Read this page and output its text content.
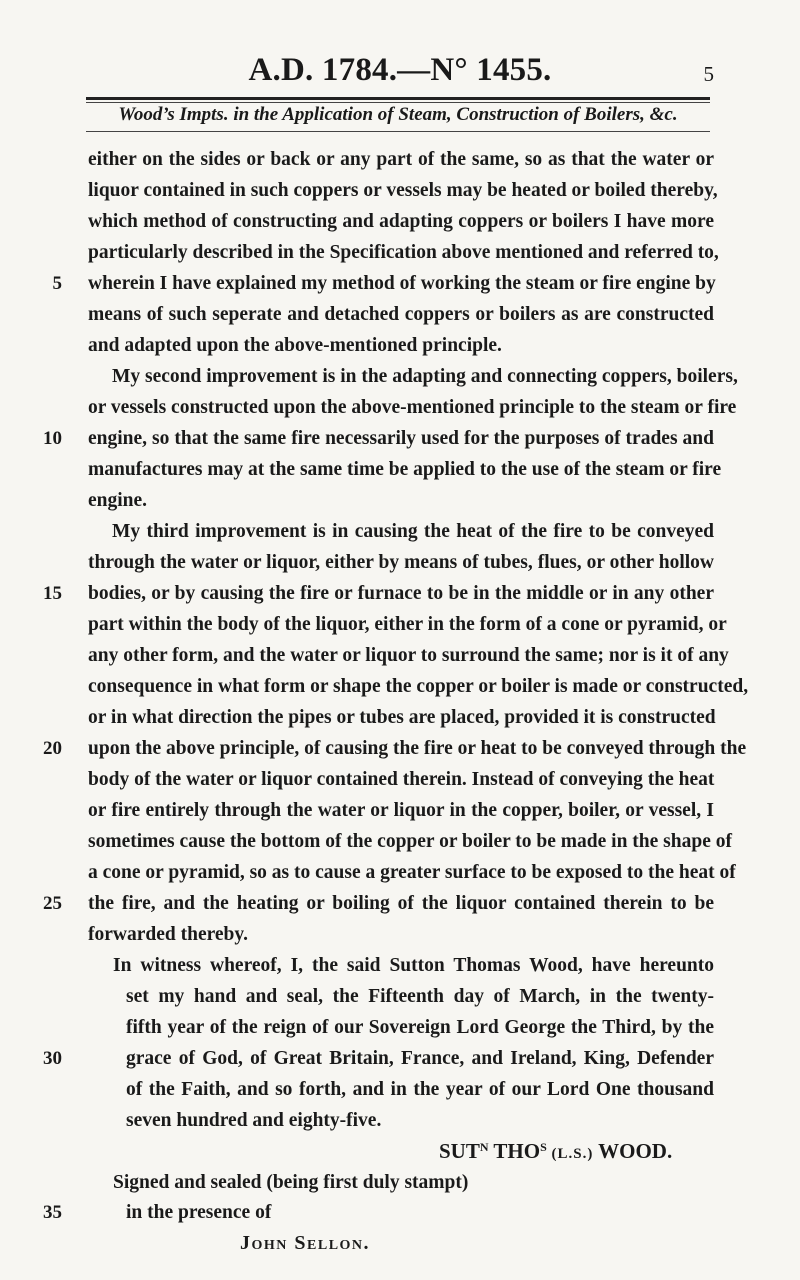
A.D. 1784.—N° 1455.	5
Wood’s Impts. in the Application of Steam, Construction of Boilers, &c.
either on the sides or back or any part of the same, so as that the water or
liquor contained in such coppers or vessels may be heated or boiled thereby,
which method of constructing and adapting coppers or boilers I have more
particularly described in the Specification above mentioned and referred to,
wherein I have explained my method of working the steam or fire engine by
means of such seperate and detached coppers or boilers as are constructed
and adapted upon the above-mentioned principle.
My second improvement is in the adapting and connecting coppers, boilers,
or vessels constructed upon the above-mentioned principle to the steam or fire
engine, so that the same fire necessarily used for the purposes of trades and
manufactures may at the same time be applied to the use of the steam or fire
engine.
My third improvement is in causing the heat of the fire to be conveyed
through the water or liquor, either by means of tubes, flues, or other hollow
bodies, or by causing the fire or furnace to be in the middle or in any other
part within the body of the liquor, either in the form of a cone or pyramid, or
any other form, and the water or liquor to surround the same; nor is it of any
consequence in what form or shape the copper or boiler is made or constructed,
or in what direction the pipes or tubes are placed, provided it is constructed
upon the above principle, of causing the fire or heat to be conveyed through the
body of the water or liquor contained therein. Instead of conveying the heat
or fire entirely through the water or liquor in the copper, boiler, or vessel, I
sometimes cause the bottom of the copper or boiler to be made in the shape of
a cone or pyramid, so as to cause a greater surface to be exposed to the heat of
the fire, and the heating or boiling of the liquor contained therein to be
forwarded thereby.
In witness whereof, I, the said Sutton Thomas Wood, have hereunto
set my hand and seal, the Fifteenth day of March, in the twenty-
fifth year of the reign of our Sovereign Lord George the Third, by the
grace of God, of Great Britain, France, and Ireland, King, Defender
of the Faith, and so forth, and in the year of our Lord One thousand
seven hundred and eighty-five.
5
10
15
20
25
30
35
$SUT^N$ $THO^S$ (L.S.) WOOD.
Signed and sealed (being first duly stampt)
in the presence of
John Sellon.
